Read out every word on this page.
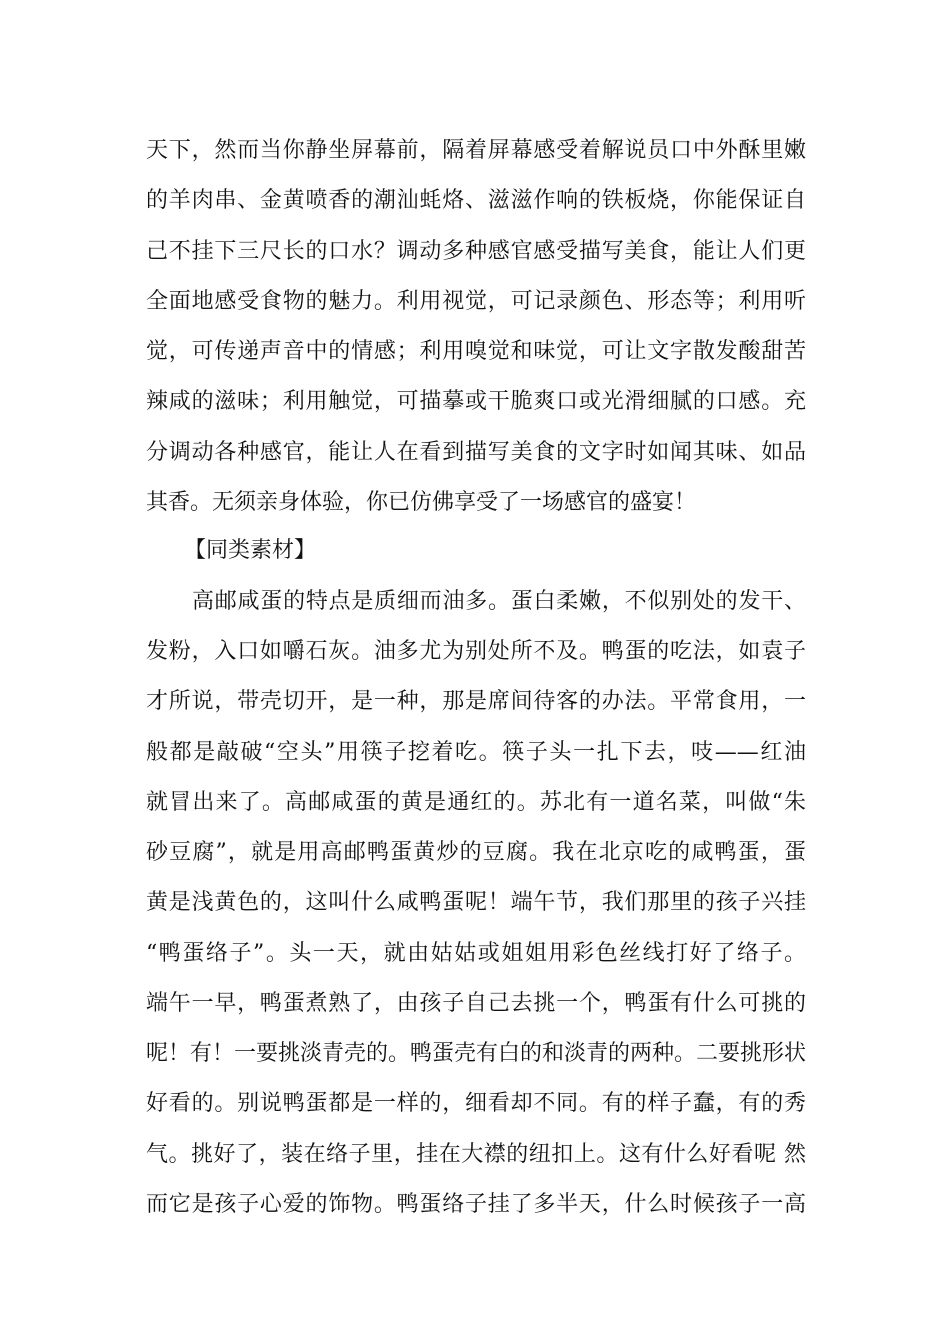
天下，然而当你静坐屏幕前，隔着屏幕感受着解说员口中外酥里嫩
的羊肉串、金黄喷香的潮汕蚝烙、滋滋作响的铁板烧，你能保证自
己不挂下三尺长的口水？调动多种感官感受描写美食，能让人们更
全面地感受食物的魅力。利用视觉，可记录颜色、形态等；利用听
觉，可传递声音中的情感；利用嗅觉和味觉，可让文字散发酸甜苦
辣咸的滋味；利用触觉，可描摹或干脆爽口或光滑细腻的口感。充
分调动各种感官，能让人在看到描写美食的文字时如闻其味、如品
其香。无须亲身体验，你已仿佛享受了一场感官的盛宴！
【同类素材】
高邮咸蛋的特点是质细而油多。蛋白柔嫩，不似别处的发干、
发粉，入口如嚼石灰。油多尤为别处所不及。鸭蛋的吃法，如袁子
才所说，带壳切开，是一种，那是席间待客的办法。平常食用，一
般都是敲破“空头”用筷子挖着吃。筷子头一扎下去，吱——红油
就冒出来了。高邮咸蛋的黄是通红的。苏北有一道名菜，叫做“朱
砂豆腐”，就是用高邮鸭蛋黄炒的豆腐。我在北京吃的咸鸭蛋，蛋
黄是浅黄色的，这叫什么咸鸭蛋呢！端午节，我们那里的孩子兴挂
“鸭蛋络子”。头一天，就由姑姑或姐姐用彩色丝线打好了络子。
端午一早，鸭蛋煮熟了，由孩子自己去挑一个，鸭蛋有什么可挑的
呢！有！一要挑淡青壳的。鸭蛋壳有白的和淡青的两种。二要挑形状
好看的。别说鸭蛋都是一样的，细看却不同。有的样子蠢，有的秀
气。挑好了，装在络子里，挂在大襟的纽扣上。这有什么好看呢 然
而它是孩子心爱的饰物。鸭蛋络子挂了多半天，什么时候孩子一高
